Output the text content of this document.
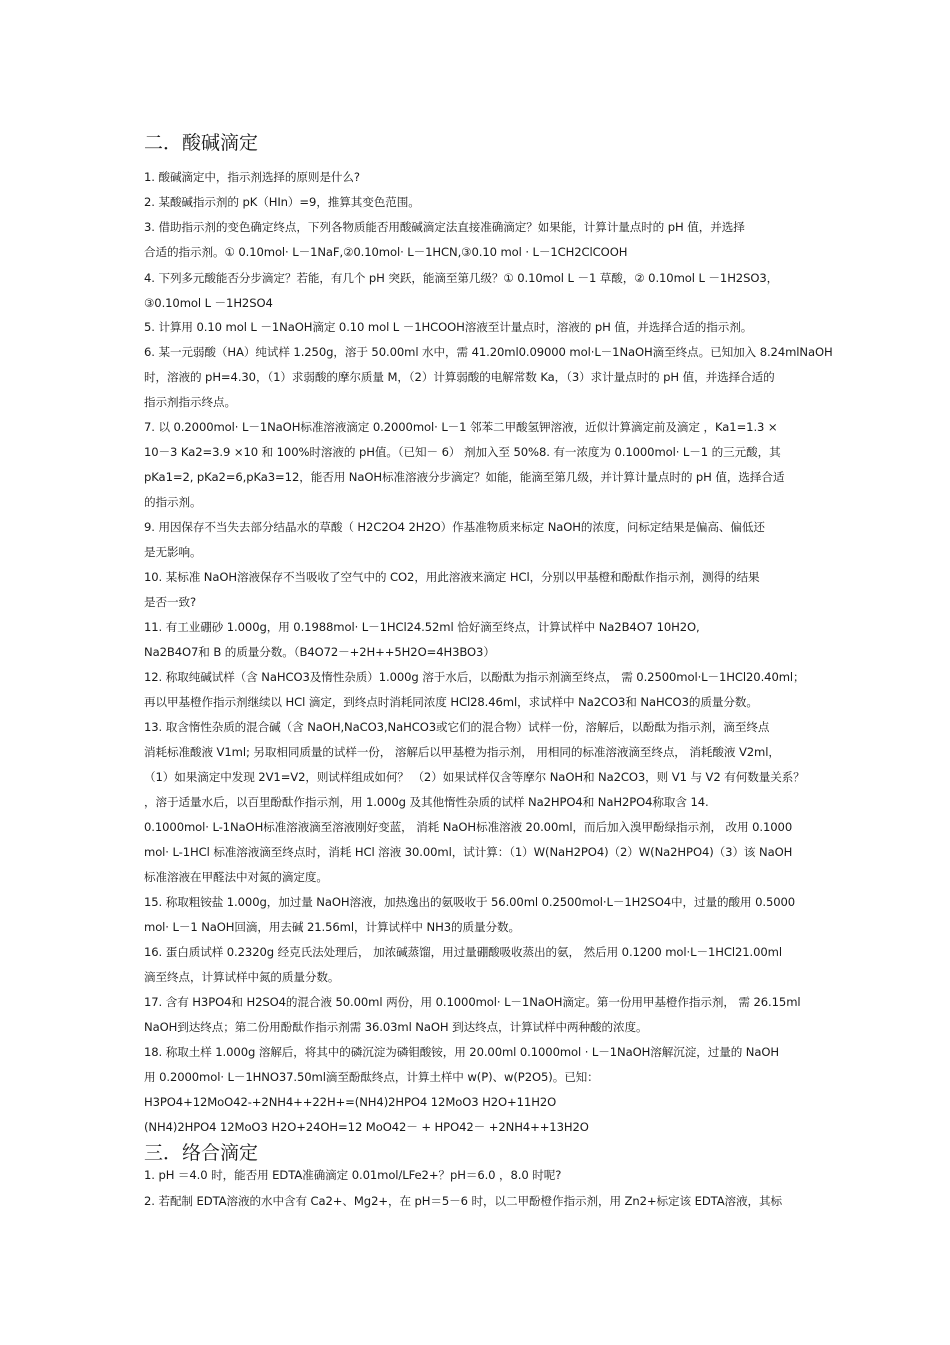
二．酸碱滴定
1. 酸碱滴定中，指示剂选择的原则是什么?
2. 某酸碱指示剂的 pK（HIn）=9，推算其变色范围。
3. 借助指示剂的变色确定终点，下列各物质能否用酸碱滴定法直接准确滴定？如果能，计算计量点时的 pH 值，并选择
合适的指示剂。① 0.10mol· L－1NaF,②0.10mol· L－1HCN,③0.10 mol · L－1CH2ClCOOH
4. 下列多元酸能否分步滴定？若能，有几个 pH 突跃，能滴至第几级？① 0.10mol L －1 草酸，② 0.10mol L －1H2SO3，
③0.10mol L －1H2SO4
5. 计算用 0.10 mol L －1NaOH滴定 0.10 mol L －1HCOOH溶液至计量点时，溶液的 pH 值，并选择合适的指示剂。
6. 某一元弱酸（HA）纯试样 1.250g，溶于 50.00ml 水中，需 41.20ml0.09000 mol·L－1NaOH滴至终点。已知加入 8.24mlNaOH
时，溶液的 pH=4.30，（1）求弱酸的摩尔质量 M，（2）计算弱酸的电解常数 Ka，（3）求计量点时的 pH 值，并选择合适的
指示剂指示终点。
7. 以 0.2000mol· L－1NaOH标准溶液滴定 0.2000mol· L－1 邻苯二甲酸氢钾溶液，近似计算滴定前及滴定 ，Ka1=1.3 ×
10－3 Ka2=3.9 ×10 和 100%时溶液的 pH值。（已知－ 6） 剂加入至 50%8. 有一浓度为 0.1000mol· L－1 的三元酸，其
pKa1=2, pKa2=6,pKa3=12，能否用 NaOH标准溶液分步滴定？如能，能滴至第几级，并计算计量点时的 pH 值，选择合适
的指示剂。
9. 用因保存不当失去部分结晶水的草酸（ H2C2O4 2H2O）作基准物质来标定 NaOH的浓度，问标定结果是偏高、偏低还
是无影响。
10. 某标准 NaOH溶液保存不当吸收了空气中的 CO2，用此溶液来滴定 HCl，分别以甲基橙和酚酞作指示剂，测得的结果
是否一致?
11. 有工业硼砂 1.000g，用 0.1988mol· L－1HCl24.52ml 恰好滴至终点，计算试样中 Na2B4O7 10H2O,
Na2B4O7和 B 的质量分数。（B4O72－+2H++5H2O=4H3BO3）
12. 称取纯碱试样（含 NaHCO3及惰性杂质）1.000g 溶于水后，以酚酞为指示剂滴至终点， 需 0.2500mol·L－1HCl20.40ml；
再以甲基橙作指示剂继续以 HCl 滴定，到终点时消耗同浓度 HCl28.46ml，求试样中 Na2CO3和 NaHCO3的质量分数。
13. 取含惰性杂质的混合碱（含 NaOH,NaCO3,NaHCO3或它们的混合物）试样一份，溶解后，以酚酞为指示剂，滴至终点
消耗标准酸液 V1ml; 另取相同质量的试样一份， 溶解后以甲基橙为指示剂， 用相同的标准溶液滴至终点， 消耗酸液 V2ml，
（1）如果滴定中发现 2V1=V2，则试样组成如何？ （2）如果试样仅含等摩尔 NaOH和 Na2CO3，则 V1 与 V2 有何数量关系？
，溶于适量水后，以百里酚酞作指示剂，用 1.000g 及其他惰性杂质的试样 Na2HPO4和 NaH2PO4称取含 14.
0.1000mol· L-1NaOH标准溶液滴至溶液刚好变蓝， 消耗 NaOH标准溶液 20.00ml，而后加入溴甲酚绿指示剂， 改用 0.1000
mol· L-1HCl 标准溶液滴至终点时，消耗 HCl 溶液 30.00ml，试计算：（1）W(NaH2PO4)（2）W(Na2HPO4)（3）该 NaOH
标准溶液在甲醛法中对氮的滴定度。
15. 称取粗铵盐 1.000g，加过量 NaOH溶液，加热逸出的氨吸收于 56.00ml 0.2500mol·L－1H2SO4中，过量的酸用 0.5000
mol· L－1 NaOH回滴，用去碱 21.56ml，计算试样中 NH3的质量分数。
16. 蛋白质试样 0.2320g 经克氏法处理后， 加浓碱蒸馏，用过量硼酸吸收蒸出的氨， 然后用 0.1200 mol·L－1HCl21.00ml
滴至终点，计算试样中氮的质量分数。
17. 含有 H3PO4和 H2SO4的混合液 50.00ml 两份，用 0.1000mol· L－1NaOH滴定。第一份用甲基橙作指示剂， 需 26.15ml
NaOH到达终点；第二份用酚酞作指示剂需 36.03ml NaOH 到达终点，计算试样中两种酸的浓度。
18. 称取土样 1.000g 溶解后，将其中的磷沉淀为磷钼酸铵，用 20.00ml 0.1000mol · L－1NaOH溶解沉淀，过量的 NaOH
用 0.2000mol· L－1HNO37.50ml滴至酚酞终点，计算土样中 w(P)、w(P2O5)。已知：
H3PO4+12MoO42-+2NH4++22H+=(NH4)2HPO4 12MoO3 H2O+11H2O
(NH4)2HPO4 12MoO3 H2O+24OH=12 MoO42－ + HPO42－ +2NH4++13H2O
三．络合滴定
1. pH ＝4.0 时，能否用 EDTA准确滴定 0.01mol/LFe2+？pH＝6.0 ，8.0 时呢?
2. 若配制 EDTA溶液的水中含有 Ca2+、Mg2+，在 pH＝5－6 时，以二甲酚橙作指示剂，用 Zn2+标定该 EDTA溶液，其标
